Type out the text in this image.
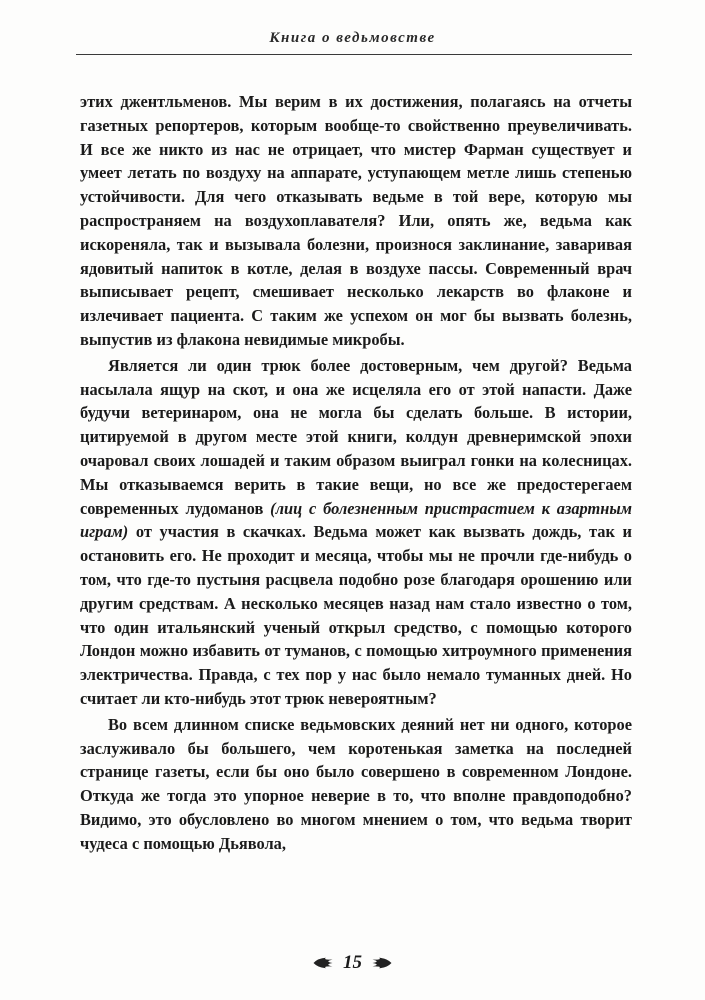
Книга о ведьмовстве

этих джентльменов. Мы верим в их достижения, полагаясь на отчеты газетных репортеров, которым вообще-то свойственно преувеличивать. И все же никто из нас не отрицает, что мистер Фарман существует и умеет летать по воздуху на аппарате, уступающем метле лишь степенью устойчивости. Для чего отказывать ведьме в той вере, которую мы распространяем на воздухоплавателя? Или, опять же, ведьма как искореняла, так и вызывала болезни, произнося заклинание, заваривая ядовитый напиток в котле, делая в воздухе пассы. Современный врач выписывает рецепт, смешивает несколько лекарств во флаконе и излечивает пациента. С таким же успехом он мог бы вызвать болезнь, выпустив из флакона невидимые микробы.

Является ли один трюк более достоверным, чем другой? Ведьма насылала ящур на скот, и она же исцеляла его от этой напасти. Даже будучи ветеринаром, она не могла бы сделать больше. В истории, цитируемой в другом месте этой книги, колдун древнеримской эпохи очаровал своих лошадей и таким образом выиграл гонки на колесницах. Мы отказываемся верить в такие вещи, но все же предостерегаем современных лудоманов (лиц с болезненным пристрастием к азартным играм) от участия в скачках. Ведьма может как вызвать дождь, так и остановить его. Не проходит и месяца, чтобы мы не прочли где-нибудь о том, что где-то пустыня расцвела подобно розе благодаря орошению или другим средствам. А несколько месяцев назад нам стало известно о том, что один итальянский ученый открыл средство, с помощью которого Лондон можно избавить от туманов, с помощью хитроумного применения электричества. Правда, с тех пор у нас было немало туманных дней. Но считает ли кто-нибудь этот трюк невероятным?

Во всем длинном списке ведьмовских деяний нет ни одного, которое заслуживало бы большего, чем коротенькая заметка на последней странице газеты, если бы оно было совершено в современном Лондоне. Откуда же тогда это упорное неверие в то, что вполне правдоподобно? Видимо, это обусловлено во многом мнением о том, что ведьма творит чудеса с помощью Дьявола,

15
